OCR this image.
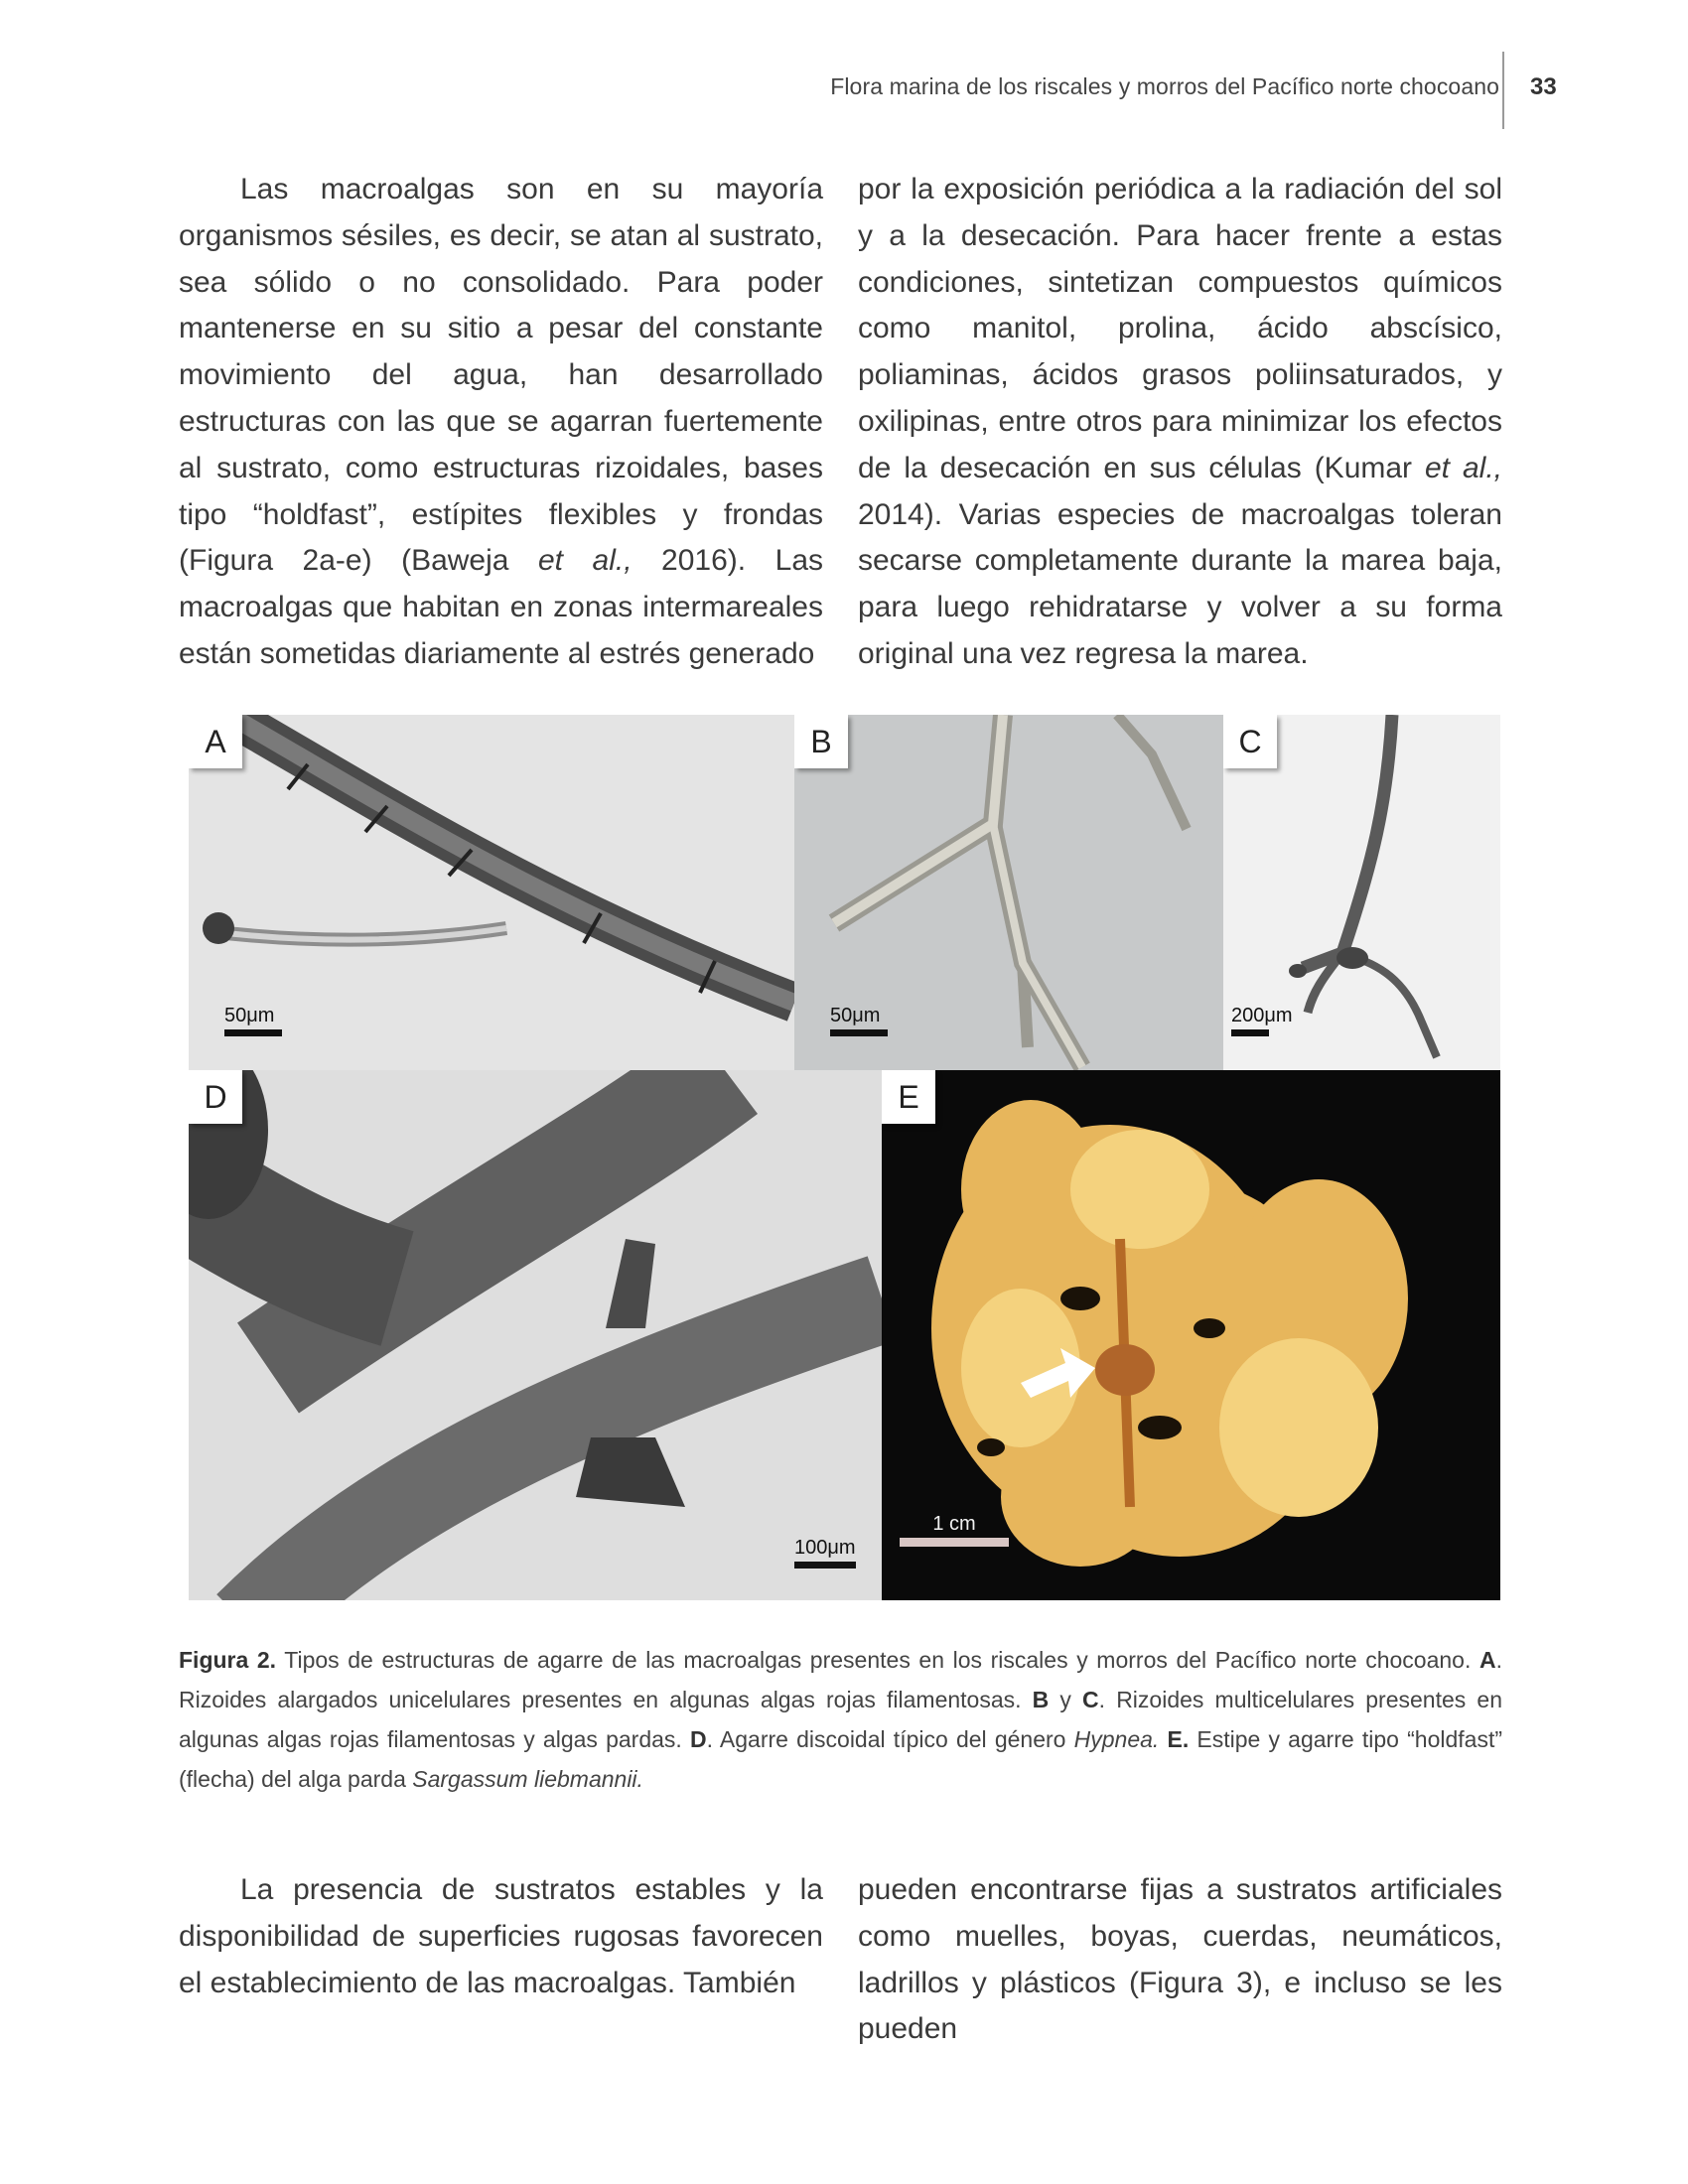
Flora marina de los riscales y morros del Pacífico norte chocoano 33

Las macroalgas son en su mayoría organismos sésiles, es decir, se atan al sustrato, sea sólido o no consolidado. Para poder mantenerse en su sitio a pesar del constante movimiento del agua, han desarrollado estructuras con las que se agarran fuertemente al sustrato, como estructuras rizoidales, bases tipo “holdfast”, estípites flexibles y frondas (Figura 2a-e) (Baweja et al., 2016). Las macroalgas que habitan en zonas intermareales están sometidas diariamente al estrés generado

por la exposición periódica a la radiación del sol y a la desecación. Para hacer frente a estas condiciones, sintetizan compuestos químicos como manitol, prolina, ácido abscísico, poliaminas, ácidos grasos poliinsaturados, y oxilipinas, entre otros para minimizar los efectos de la desecación en sus células (Kumar et al., 2014). Varias especies de macroalgas toleran secarse completamente durante la marea baja, para luego rehidratarse y volver a su forma original una vez regresa la marea.

A
50μm
B
50μm
C
200μm
D
100μm
E
1 cm
Figura 2. Tipos de estructuras de agarre de las macroalgas presentes en los riscales y morros del Pacífico norte chocoano. A. Rizoides alargados unicelulares presentes en algunas algas rojas filamentosas. B y C. Rizoides multicelulares presentes en algunas algas rojas filamentosas y algas pardas. D. Agarre discoidal típico del género Hypnea. E. Estipe y agarre tipo “holdfast” (flecha) del alga parda Sargassum liebmannii.

La presencia de sustratos estables y la disponibilidad de superficies rugosas favorecen el establecimiento de las macroalgas. También

pueden encontrarse fijas a sustratos artificiales como muelles, boyas, cuerdas, neumáticos, ladrillos y plásticos (Figura 3), e incluso se les pueden
